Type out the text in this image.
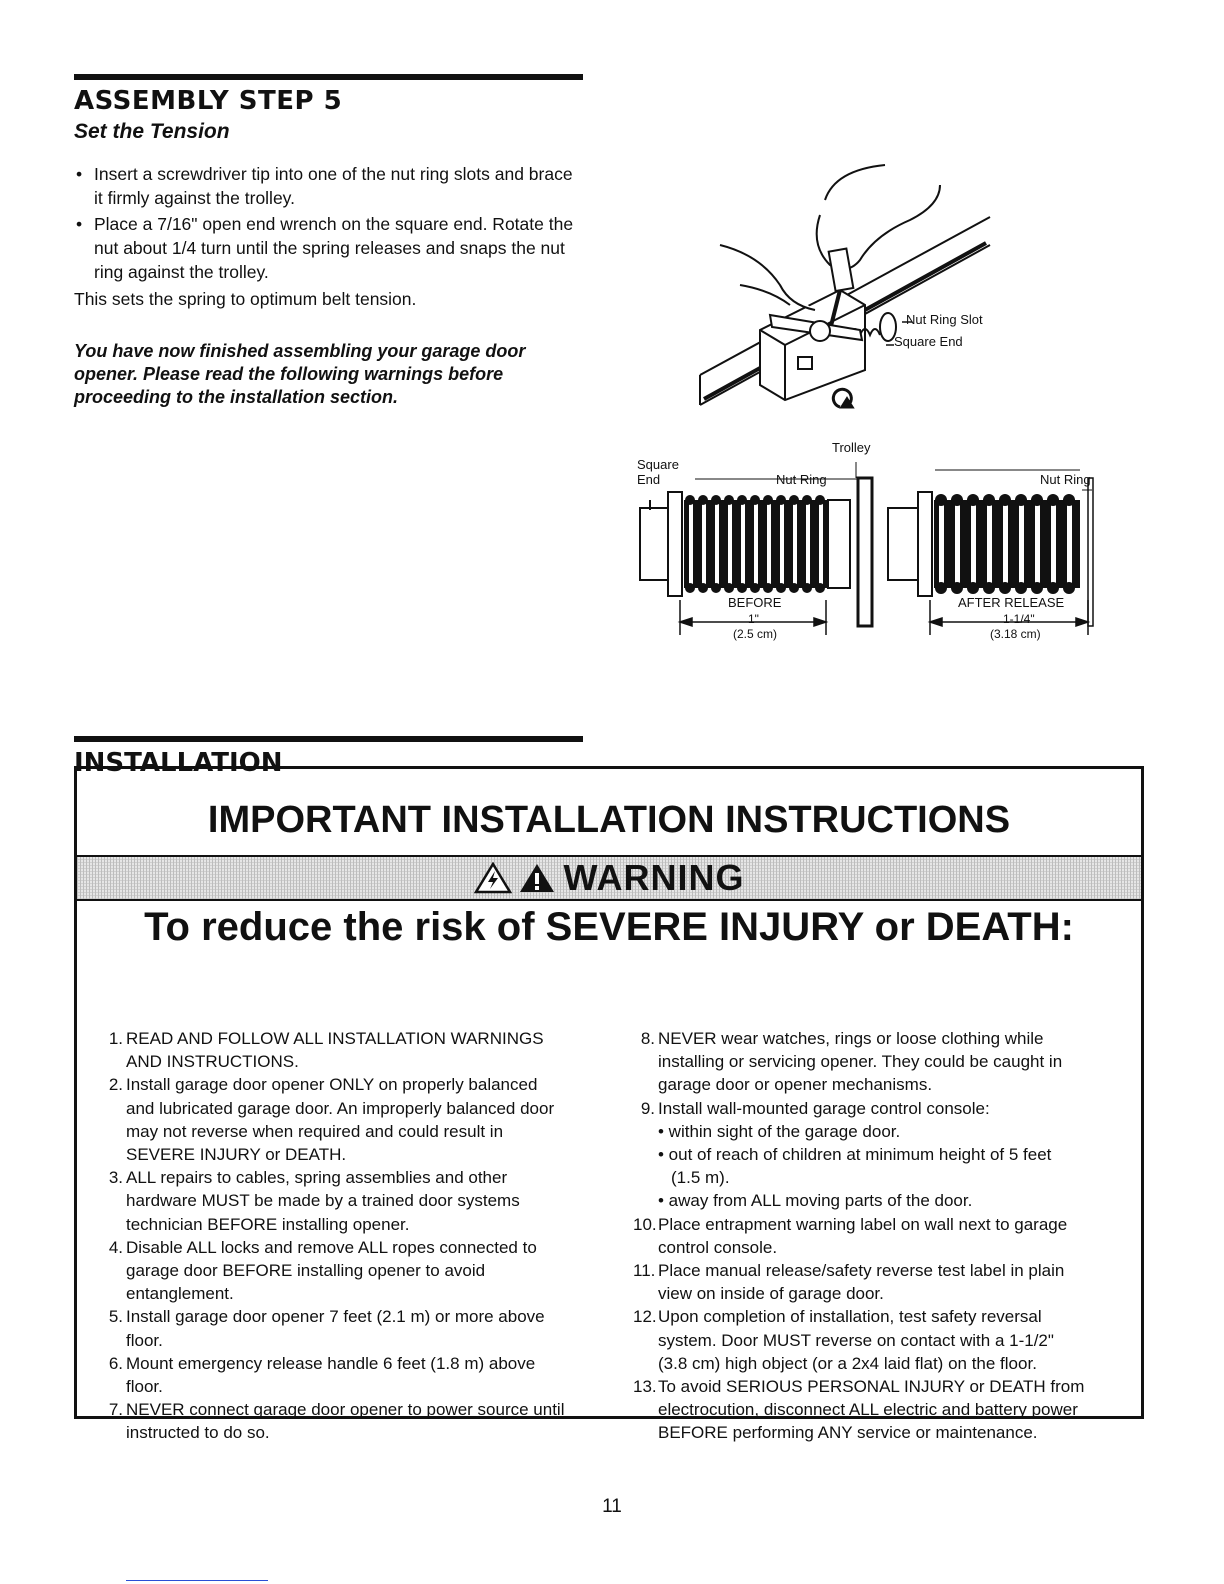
ASSEMBLY STEP 5
Set the Tension
• Insert a screwdriver tip into one of the nut ring slots and brace it firmly against the trolley.
• Place a 7/16" open end wrench on the square end. Rotate the nut about 1/4 turn until the spring releases and snaps the nut ring against the trolley.
This sets the spring to optimum belt tension.
You have now finished assembling your garage door opener. Please read the following warnings before proceeding to the installation section.
Nut Ring Slot
Square End
Trolley
Square
End	Nut Ring	Nut Ring
BEFORE
1"
(2.5 cm)
AFTER RELEASE
1-1/4"
(3.18 cm)
INSTALLATION
IMPORTANT INSTALLATION INSTRUCTIONS
WARNING
To reduce the risk of SEVERE INJURY or DEATH:
1. READ AND FOLLOW ALL INSTALLATION WARNINGS
AND INSTRUCTIONS.
2. Install garage door opener ONLY on properly balanced
and lubricated garage door. An improperly balanced door
may not reverse when required and could result in
SEVERE INJURY or DEATH.
3. ALL repairs to cables, spring assemblies and other
hardware MUST be made by a trained door systems
technician BEFORE installing opener.
4. Disable ALL locks and remove ALL ropes connected to
garage door BEFORE installing opener to avoid
entanglement.
5. Install garage door opener 7 feet (2.1 m) or more above
floor.
6. Mount emergency release handle 6 feet (1.8 m) above
floor.
7. NEVER connect garage door opener to power source until
instructed to do so.
8. NEVER wear watches, rings or loose clothing while
installing or servicing opener. They could be caught in
garage door or opener mechanisms.
9. Install wall-mounted garage control console:
• within sight of the garage door.
• out of reach of children at minimum height of 5 feet
(1.5 m).
• away from ALL moving parts of the door.
10. Place entrapment warning label on wall next to garage
control console.
11. Place manual release/safety reverse test label in plain
view on inside of garage door.
12. Upon completion of installation, test safety reversal
system. Door MUST reverse on contact with a 1-1/2"
(3.8 cm) high object (or a 2x4 laid flat) on the floor.
13. To avoid SERIOUS PERSONAL INJURY or DEATH from
electrocution, disconnect ALL electric and battery power
BEFORE performing ANY service or maintenance.
11
